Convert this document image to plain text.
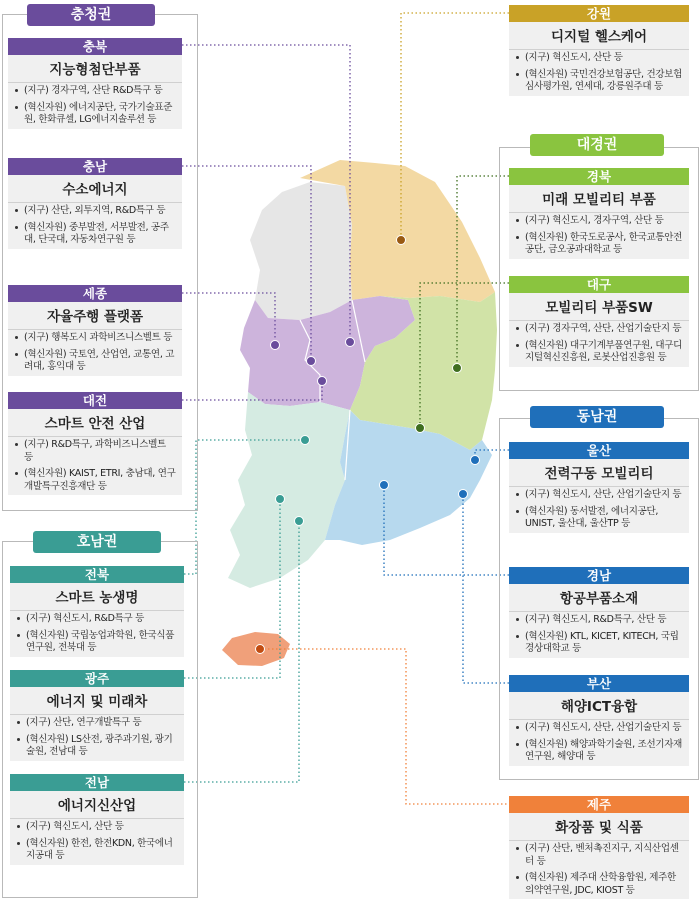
충청권
대경권
동남권
호남권
충북
지능형첨단부품
(지구) 경자구역, 산단 R&D특구 등
(혁신자원) 에너지공단, 국가기술표준원, 한화큐셀, LG에너지솔루션 등
충남
수소에너지
(지구) 산단, 외투지역, R&D특구 등
(혁신자원) 중부발전, 서부발전, 공주대, 단국대, 자동차연구원 등
세종
자율주행 플랫폼
(지구) 행복도시 과학비즈니스벨트 등
(혁신자원) 국토연, 산업연, 교통연, 고려대, 홍익대 등
대전
스마트 안전 산업
(지구) R&D특구, 과학비즈니스벨트 등
(혁신자원) KAIST, ETRI, 충남대, 연구개발특구진흥재단 등
강원
디지털 헬스케어
(지구) 혁신도시, 산단 등
(혁신자원) 국민건강보험공단, 건강보험심사평가원, 연세대, 강릉원주대 등
경북
미래 모빌리티 부품
(지구) 혁신도시, 경자구역, 산단 등
(혁신자원) 한국도로공사, 한국교통안전공단, 금오공과대학교 등
대구
모빌리티 부품SW
(지구) 경자구역, 산단, 산업기술단지 등
(혁신자원) 대구기계부품연구원, 대구디지털혁신진흥원, 로봇산업진흥원 등
울산
전력구동 모빌리티
(지구) 혁신도시, 산단, 산업기술단지 등
(혁신자원) 동서발전, 에너지공단, UNIST, 울산대, 울산TP 등
경남
항공부품소재
(지구) 혁신도시, R&D특구, 산단 등
(혁신자원) KTL, KICET, KITECH, 국립경상대학교 등
부산
해양ICT융합
(지구) 혁신도시, 산단, 산업기술단지 등
(혁신자원) 해양과학기술원, 조선기자재연구원, 해양대 등
제주
화장품 및 식품
(지구) 산단, 벤처촉진지구, 지식산업센터 등
(혁신자원) 제주대 산학융합원, 제주한의약연구원, JDC, KIOST 등
전북
스마트 농생명
(지구) 혁신도시, R&D특구 등
(혁신자원) 국립농업과학원, 한국식품연구원, 전북대 등
광주
에너지 및 미래차
(지구) 산단, 연구개발특구 등
(혁신자원) LS산전, 광주과기원, 광기술원, 전남대 등
전남
에너지신산업
(지구) 혁신도시, 산단 등
(혁신자원) 한전, 한전KDN, 한국에너지공대 등
